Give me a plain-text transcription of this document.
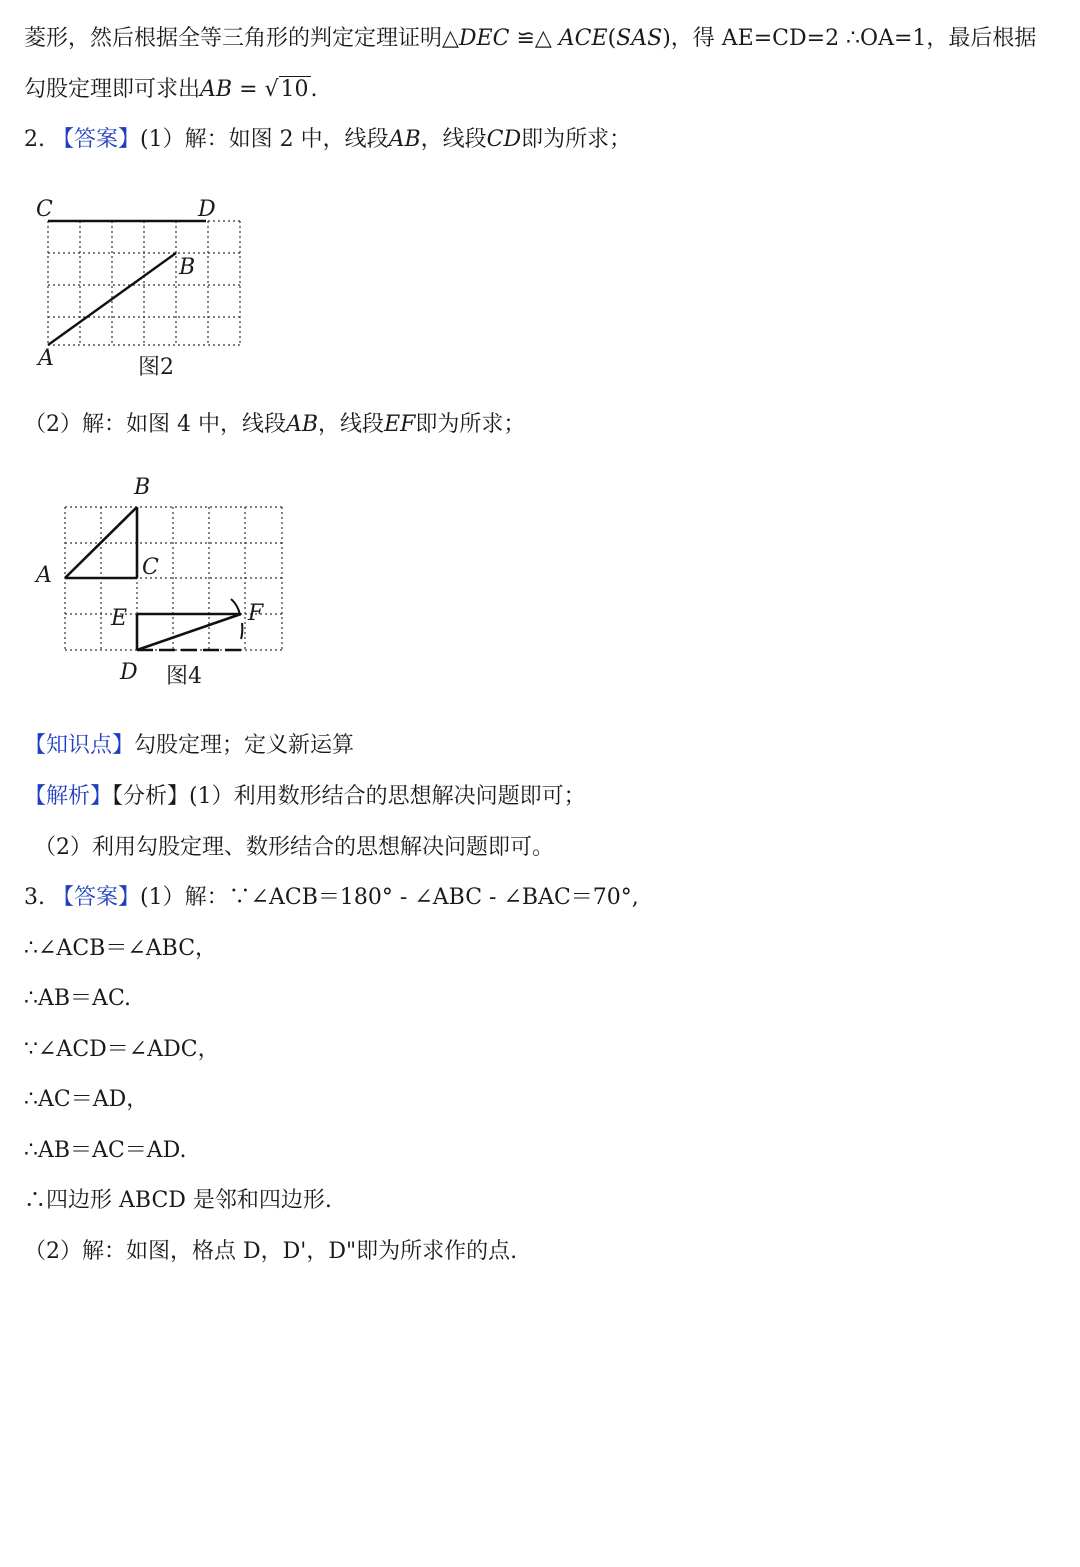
菱形，然后根据全等三角形的判定定理证明△DEC ≌△ ACE(SAS)，得 AE=CD=2 ∴OA=1，最后根据
勾股定理即可求出AB = √10.
2. 【答案】(1）解：如图 2 中，线段AB，线段CD即为所求；
C	D
B
A	图2
（2）解：如图 4 中，线段AB，线段EF即为所求；
B
A	C
E	F
D 图4
【知识点】勾股定理；定义新运算
【解析】【分析】(1）利用数形结合的思想解决问题即可；
（2）利用勾股定理、数形结合的思想解决问题即可。
3. 【答案】(1）解：∵∠ACB＝180° - ∠ABC - ∠BAC＝70°,
∴∠ACB＝∠ABC，
∴AB＝AC.
∵∠ACD＝∠ADC，
∴AC＝AD，
∴AB＝AC＝AD.
∴四边形 ABCD 是邻和四边形.
（2）解：如图，格点 D，D'，D"即为所求作的点.
